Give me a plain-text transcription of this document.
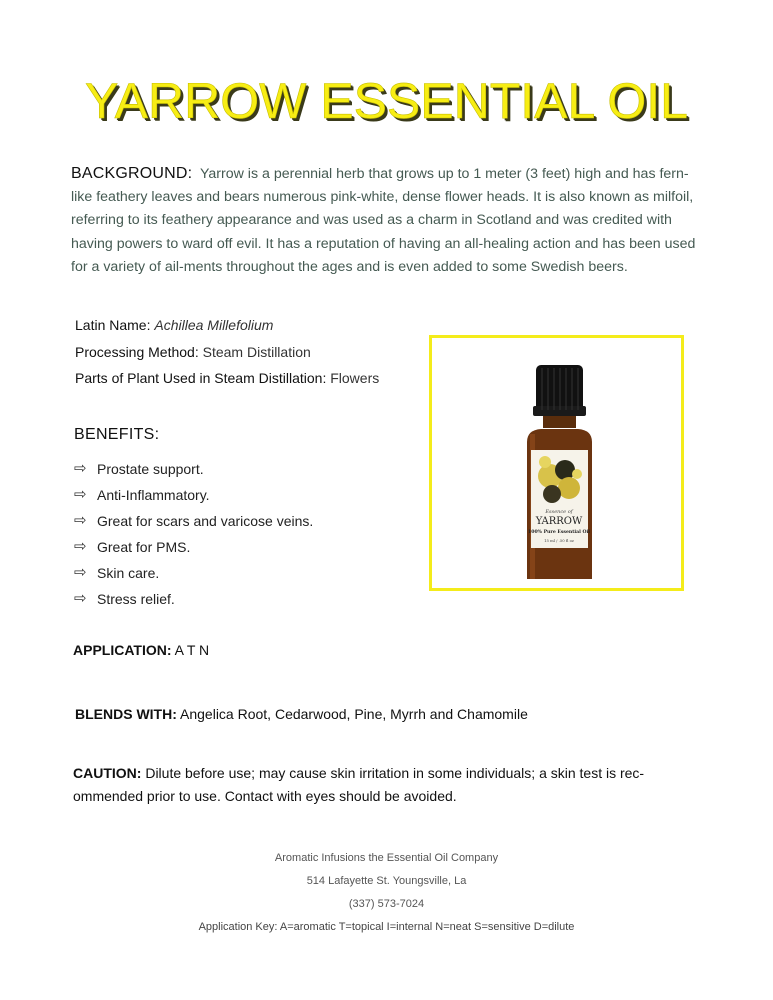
YARROW ESSENTIAL OIL
BACKGROUND: Yarrow is a perennial herb that grows up to 1 meter (3 feet) high and has fern-like feathery leaves and bears numerous pink-white, dense flower heads. It is also known as milfoil, referring to its feathery appearance and was used as a charm in Scotland and was credited with having powers to ward off evil. It has a reputation of having an all-healing action and has been used for a variety of ail-ments throughout the ages and is even added to some Swedish beers.
Latin Name: Achillea Millefolium
Processing Method: Steam Distillation
Parts of Plant Used in Steam Distillation: Flowers
BENEFITS:
⇨ Prostate support.
⇨ Anti-Inflammatory.
⇨ Great for scars and varicose veins.
⇨ Great for PMS.
⇨ Skin care.
⇨ Stress relief.
APPLICATION: A T N
BLENDS WITH: Angelica Root, Cedarwood, Pine, Myrrh and Chamomile
CAUTION: Dilute before use; may cause skin irritation in some individuals; a skin test is rec-ommended prior to use. Contact with eyes should be avoided.
Essence of
YARROW
100% Pure Essential Oil
15 ml / .50 fl oz
Aromatic Infusions the Essential Oil Company
514 Lafayette St. Youngsville, La
(337) 573-7024
Application Key: A=aromatic T=topical I=internal N=neat S=sensitive D=dilute
